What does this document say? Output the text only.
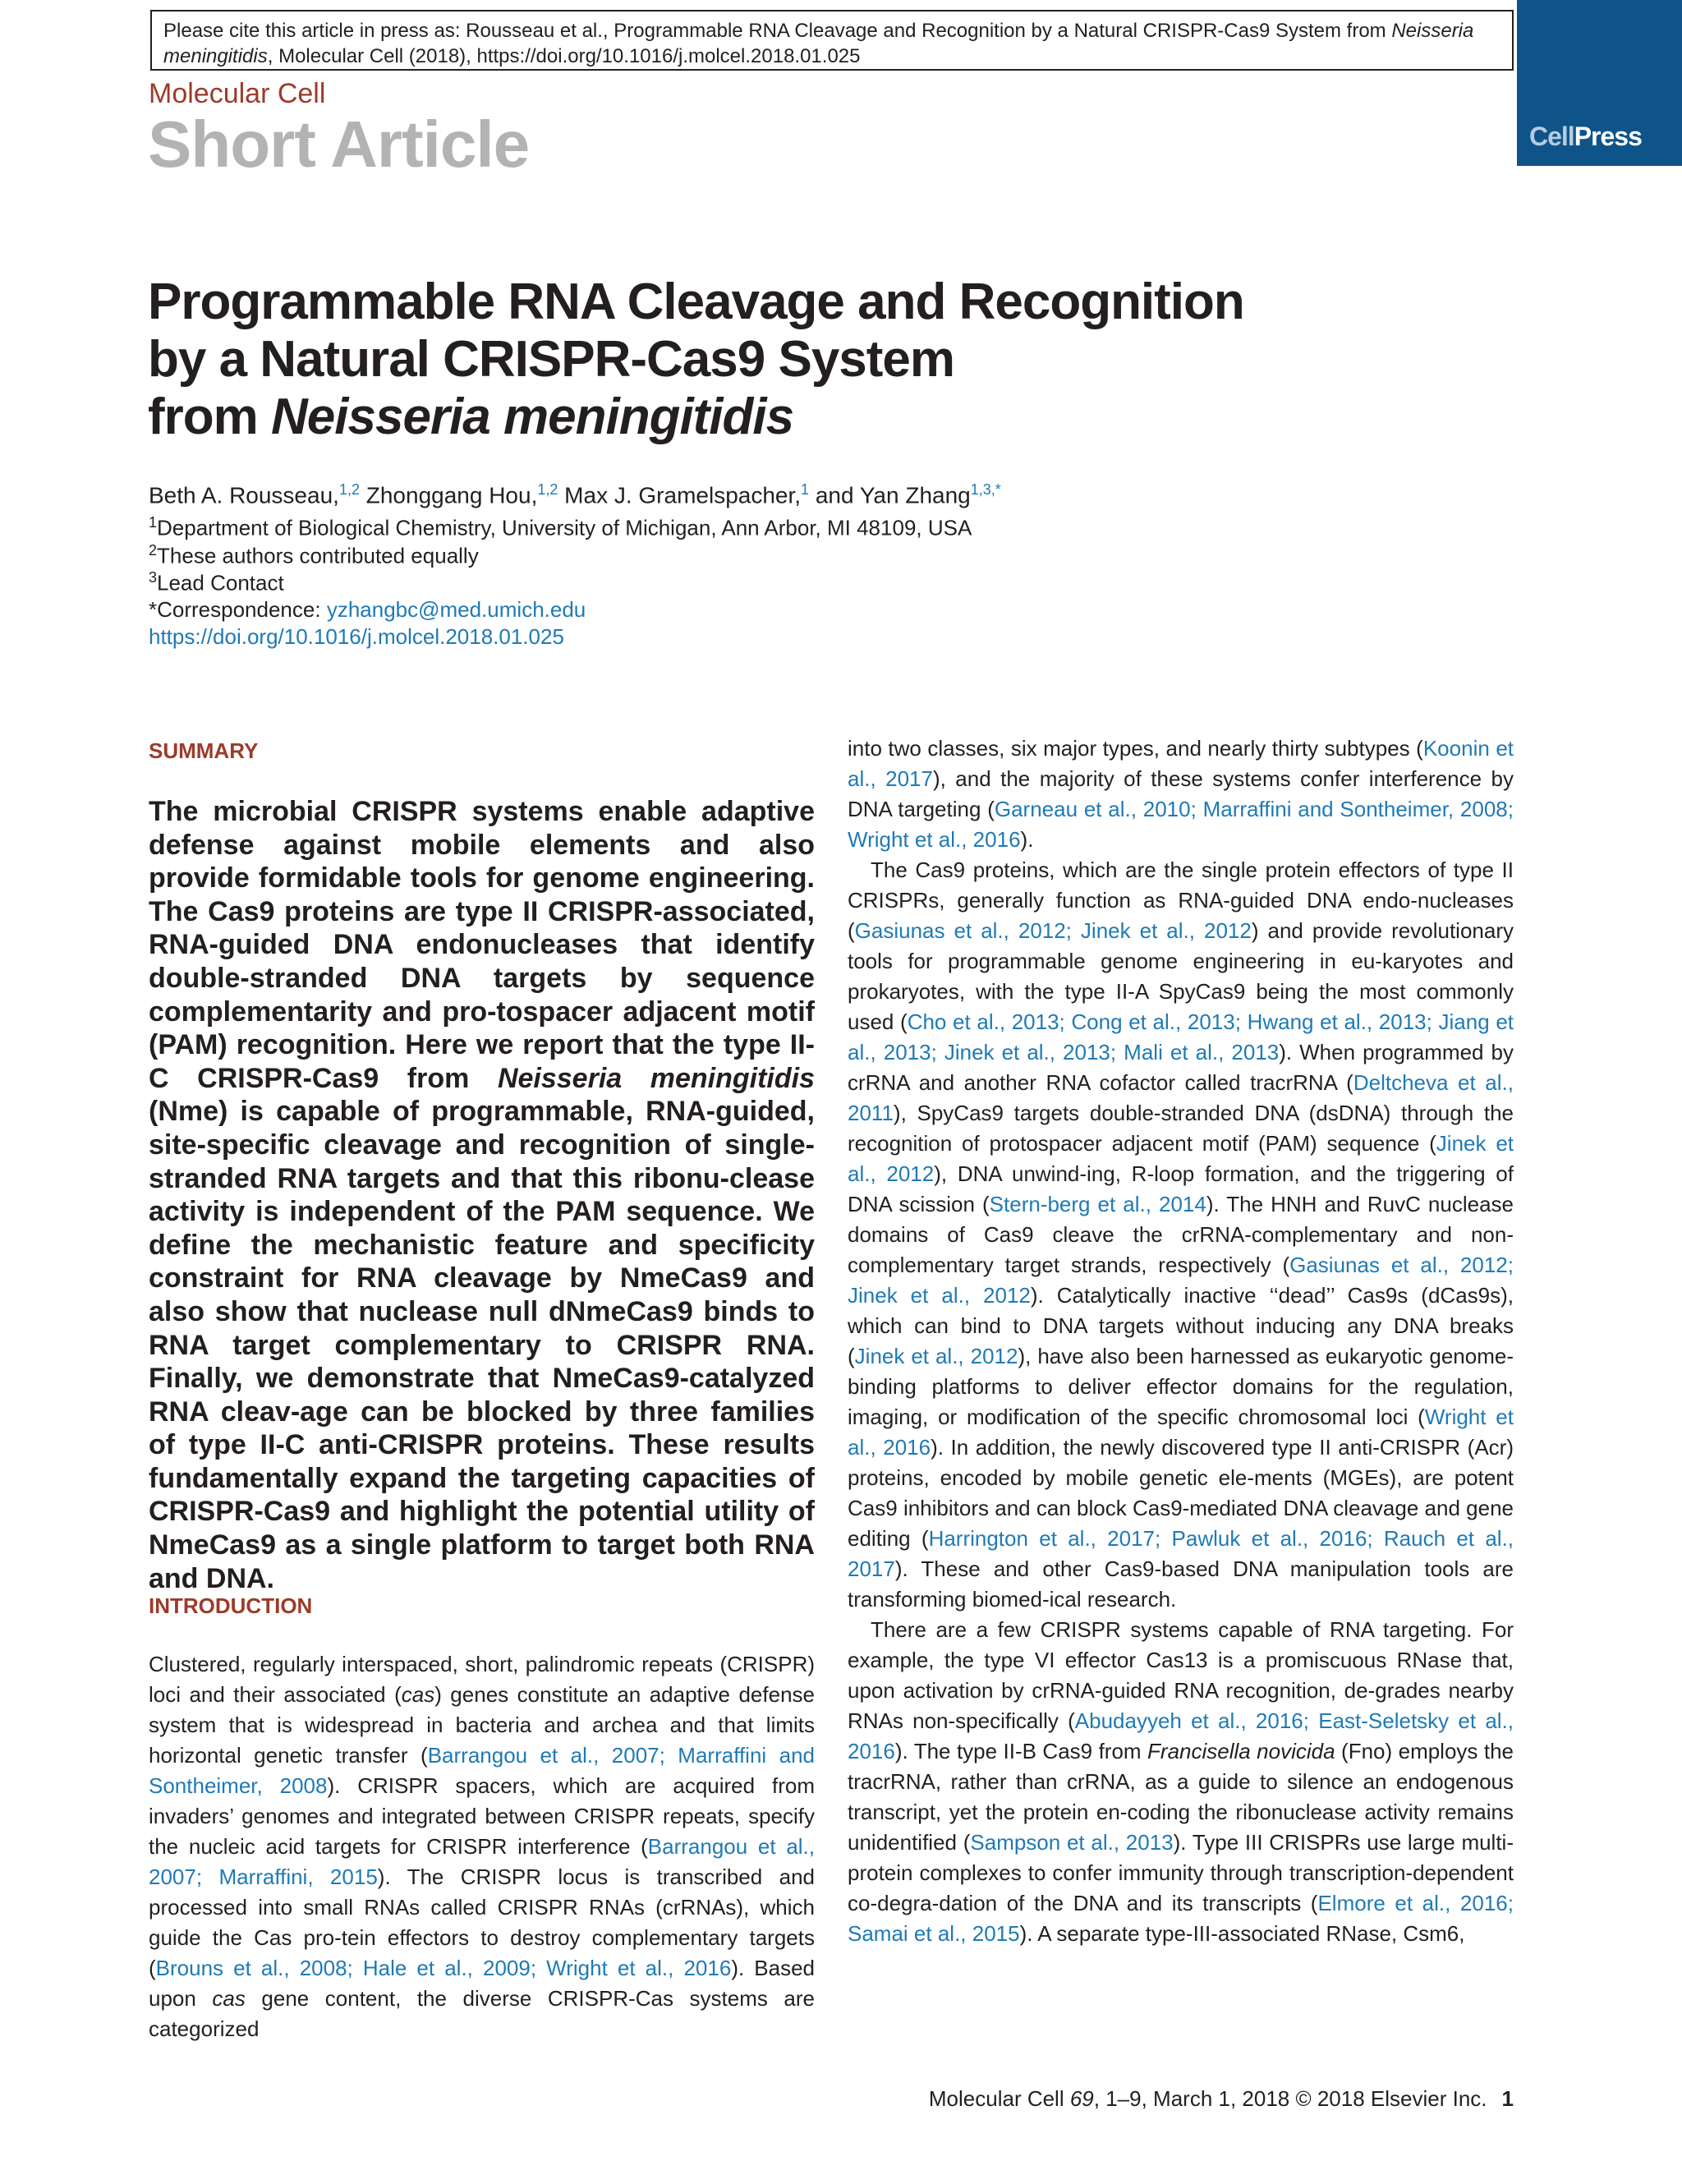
Please cite this article in press as: Rousseau et al., Programmable RNA Cleavage and Recognition by a Natural CRISPR-Cas9 System from Neisseria
meningitidis, Molecular Cell (2018), https://doi.org/10.1016/j.molcel.2018.01.025
Molecular Cell
Short Article	CellPress
Programmable RNA Cleavage and Recognition
by a Natural CRISPR-Cas9 System
from Neisseria meningitidis
Beth A. Rousseau,$^{1,2}$ Zhonggang Hou,$^{1,2}$ Max J. Gramelspacher,$^1$ and Yan Zhang$^{1,3,*}$
$^1$Department of Biological Chemistry, University of Michigan, Ann Arbor, MI 48109, USA
$^2$These authors contributed equally
$^3$Lead Contact
*Correspondence: yzhangbc@med.umich.edu
https://doi.org/10.1016/j.molcel.2018.01.025
SUMMARY
The microbial CRISPR systems enable adaptive defense against mobile elements and also provide formidable tools for genome engineering. The Cas9 proteins are type II CRISPR-associated, RNA-guided DNA endonucleases that identify double-stranded DNA targets by sequence complementarity and pro-tospacer adjacent motif (PAM) recognition. Here we report that the type II-C CRISPR-Cas9 from Neisseria meningitidis (Nme) is capable of programmable, RNA-guided, site-specific cleavage and recognition of single-stranded RNA targets and that this ribonu-clease activity is independent of the PAM sequence. We define the mechanistic feature and specificity constraint for RNA cleavage by NmeCas9 and also show that nuclease null dNmeCas9 binds to RNA target complementary to CRISPR RNA. Finally, we demonstrate that NmeCas9-catalyzed RNA cleav-age can be blocked by three families of type II-C anti-CRISPR proteins. These results fundamentally expand the targeting capacities of CRISPR-Cas9 and highlight the potential utility of NmeCas9 as a single platform to target both RNA and DNA.
INTRODUCTION

Clustered, regularly interspaced, short, palindromic repeats (CRISPR) loci and their associated (cas) genes constitute an adaptive defense system that is widespread in bacteria and archea and that limits horizontal genetic transfer (Barrangou et al., 2007; Marraffini and Sontheimer, 2008). CRISPR spacers, which are acquired from invaders’ genomes and integrated between CRISPR repeats, specify the nucleic acid targets for CRISPR interference (Barrangou et al., 2007; Marraffini, 2015). The CRISPR locus is transcribed and processed into small RNAs called CRISPR RNAs (crRNAs), which guide the Cas pro-tein effectors to destroy complementary targets (Brouns et al., 2008; Hale et al., 2009; Wright et al., 2016). Based upon cas gene content, the diverse CRISPR-Cas systems are categorized

into two classes, six major types, and nearly thirty subtypes (Koonin et al., 2017), and the majority of these systems confer interference by DNA targeting (Garneau et al., 2010; Marraffini and Sontheimer, 2008; Wright et al., 2016).

The Cas9 proteins, which are the single protein effectors of type II CRISPRs, generally function as RNA-guided DNA endo-nucleases (Gasiunas et al., 2012; Jinek et al., 2012) and provide revolutionary tools for programmable genome engineering in eu-karyotes and prokaryotes, with the type II-A SpyCas9 being the most commonly used (Cho et al., 2013; Cong et al., 2013; Hwang et al., 2013; Jiang et al., 2013; Jinek et al., 2013; Mali et al., 2013). When programmed by crRNA and another RNA cofactor called tracrRNA (Deltcheva et al., 2011), SpyCas9 targets double-stranded DNA (dsDNA) through the recognition of protospacer adjacent motif (PAM) sequence (Jinek et al., 2012), DNA unwind-ing, R-loop formation, and the triggering of DNA scission (Stern-berg et al., 2014). The HNH and RuvC nuclease domains of Cas9 cleave the crRNA-complementary and non-complementary target strands, respectively (Gasiunas et al., 2012; Jinek et al., 2012). Catalytically inactive ‘‘dead’’ Cas9s (dCas9s), which can bind to DNA targets without inducing any DNA breaks (Jinek et al., 2012), have also been harnessed as eukaryotic genome-binding platforms to deliver effector domains for the regulation, imaging, or modification of the specific chromosomal loci (Wright et al., 2016). In addition, the newly discovered type II anti-CRISPR (Acr) proteins, encoded by mobile genetic ele-ments (MGEs), are potent Cas9 inhibitors and can block Cas9-mediated DNA cleavage and gene editing (Harrington et al., 2017; Pawluk et al., 2016; Rauch et al., 2017). These and other Cas9-based DNA manipulation tools are transforming biomed-ical research.

There are a few CRISPR systems capable of RNA targeting. For example, the type VI effector Cas13 is a promiscuous RNase that, upon activation by crRNA-guided RNA recognition, de-grades nearby RNAs non-specifically (Abudayyeh et al., 2016; East-Seletsky et al., 2016). The type II-B Cas9 from Francisella novicida (Fno) employs the tracrRNA, rather than crRNA, as a guide to silence an endogenous transcript, yet the protein en-coding the ribonuclease activity remains unidentified (Sampson et al., 2013). Type III CRISPRs use large multi-protein complexes to confer immunity through transcription-dependent co-degra-dation of the DNA and its transcripts (Elmore et al., 2016; Samai et al., 2015). A separate type-III-associated RNase, Csm6,

Molecular Cell 69, 1–9, March 1, 2018 © 2018 Elsevier Inc. 1
